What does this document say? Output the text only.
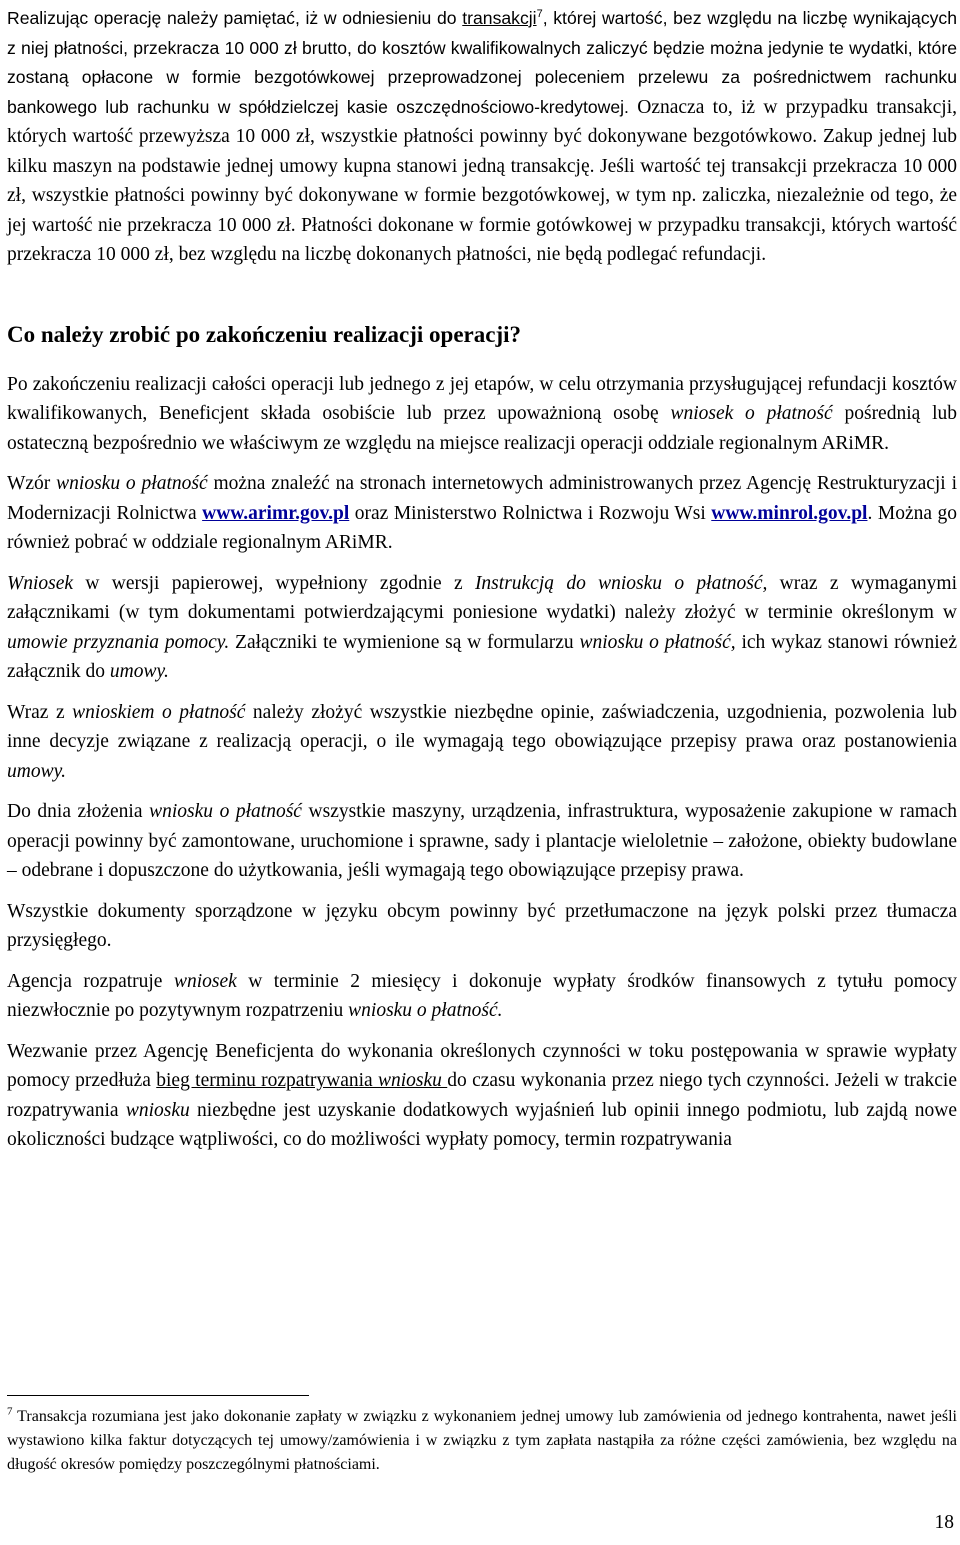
Realizując operację należy pamiętać, iż w odniesieniu do transakcji$^7$, której wartość, bez względu na liczbę wynikających z niej płatności, przekracza 10 000 zł brutto, do kosztów kwalifikowalnych zaliczyć będzie można jedynie te wydatki, które zostaną opłacone w formie bezgotówkowej przeprowadzonej poleceniem przelewu za pośrednictwem rachunku bankowego lub rachunku w spółdzielczej kasie oszczędnościowo-kredytowej. Oznacza to, iż w przypadku transakcji, których wartość przewyższa 10 000 zł, wszystkie płatności powinny być dokonywane bezgotówkowo. Zakup jednej lub kilku maszyn na podstawie jednej umowy kupna stanowi jedną transakcję. Jeśli wartość tej transakcji przekracza 10 000 zł, wszystkie płatności powinny być dokonywane w formie bezgotówkowej, w tym np. zaliczka, niezależnie od tego, że jej wartość nie przekracza 10 000 zł. Płatności dokonane w formie gotówkowej w przypadku transakcji, których wartość przekracza 10 000 zł, bez względu na liczbę dokonanych płatności, nie będą podlegać refundacji.

Co należy zrobić po zakończeniu realizacji operacji?

Po zakończeniu realizacji całości operacji lub jednego z jej etapów, w celu otrzymania przysługującej refundacji kosztów kwalifikowanych, Beneficjent składa osobiście lub przez upoważnioną osobę wniosek o płatność pośrednią lub ostateczną bezpośrednio we właściwym ze względu na miejsce realizacji operacji oddziale regionalnym ARiMR.

Wzór wniosku o płatność można znaleźć na stronach internetowych administrowanych przez Agencję Restrukturyzacji i Modernizacji Rolnictwa www.arimr.gov.pl oraz Ministerstwo Rolnictwa i Rozwoju Wsi www.minrol.gov.pl. Można go również pobrać w oddziale regionalnym ARiMR.

Wniosek w wersji papierowej, wypełniony zgodnie z Instrukcją do wniosku o płatność, wraz z wymaganymi załącznikami (w tym dokumentami potwierdzającymi poniesione wydatki) należy złożyć w terminie określonym w umowie przyznania pomocy. Załączniki te wymienione są w formularzu wniosku o płatność, ich wykaz stanowi również załącznik do umowy.

Wraz z wnioskiem o płatność należy złożyć wszystkie niezbędne opinie, zaświadczenia, uzgodnienia, pozwolenia lub inne decyzje związane z realizacją operacji, o ile wymagają tego obowiązujące przepisy prawa oraz postanowienia umowy.

Do dnia złożenia wniosku o płatność wszystkie maszyny, urządzenia, infrastruktura, wyposażenie zakupione w ramach operacji powinny być zamontowane, uruchomione i sprawne, sady i plantacje wieloletnie – założone, obiekty budowlane – odebrane i dopuszczone do użytkowania, jeśli wymagają tego obowiązujące przepisy prawa.

Wszystkie dokumenty sporządzone w języku obcym powinny być przetłumaczone na język polski przez tłumacza przysięgłego.

Agencja rozpatruje wniosek w terminie 2 miesięcy i dokonuje wypłaty środków finansowych z tytułu pomocy niezwłocznie po pozytywnym rozpatrzeniu wniosku o płatność.

Wezwanie przez Agencję Beneficjenta do wykonania określonych czynności w toku postępowania w sprawie wypłaty pomocy przedłuża bieg terminu rozpatrywania wniosku do czasu wykonania przez niego tych czynności. Jeżeli w trakcie rozpatrywania wniosku niezbędne jest uzyskanie dodatkowych wyjaśnień lub opinii innego podmiotu, lub zajdą nowe okoliczności budzące wątpliwości, co do możliwości wypłaty pomocy, termin rozpatrywania

$^7$ Transakcja rozumiana jest jako dokonanie zapłaty w związku z wykonaniem jednej umowy lub zamówienia od jednego kontrahenta, nawet jeśli wystawiono kilka faktur dotyczących tej umowy/zamówienia i w związku z tym zapłata nastąpiła za różne części zamówienia, bez względu na długość okresów pomiędzy poszczególnymi płatnościami.
18
